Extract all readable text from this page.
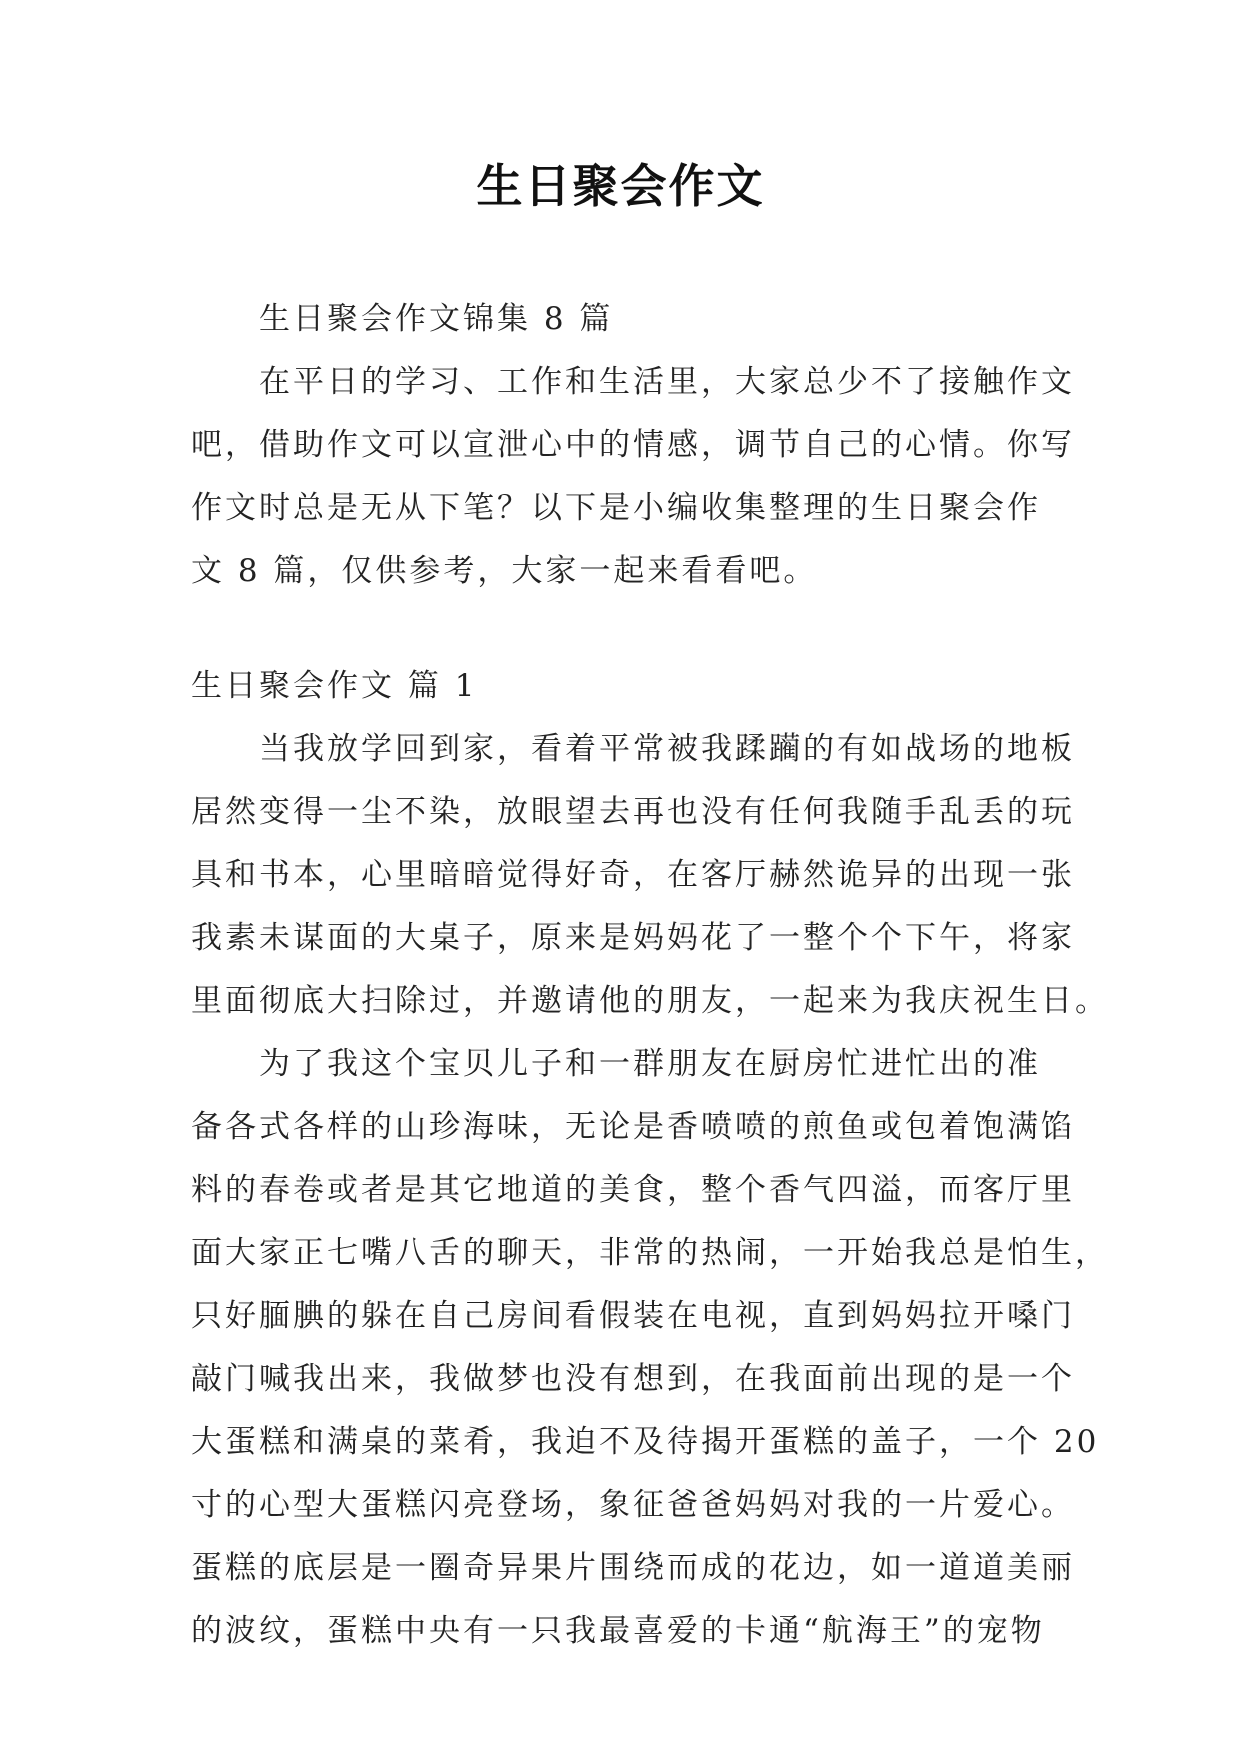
生日聚会作文
生日聚会作文锦集 8 篇
在平日的学习、工作和生活里，大家总少不了接触作文
吧，借助作文可以宣泄心中的情感，调节自己的心情。你写
作文时总是无从下笔？以下是小编收集整理的生日聚会作
文 8 篇，仅供参考，大家一起来看看吧。
生日聚会作文 篇 1
当我放学回到家，看着平常被我蹂躏的有如战场的地板
居然变得一尘不染，放眼望去再也没有任何我随手乱丢的玩
具和书本，心里暗暗觉得好奇，在客厅赫然诡异的出现一张
我素未谋面的大桌子，原来是妈妈花了一整个个下午，将家
里面彻底大扫除过，并邀请他的朋友，一起来为我庆祝生日。
为了我这个宝贝儿子和一群朋友在厨房忙进忙出的准
备各式各样的山珍海味，无论是香喷喷的煎鱼或包着饱满馅
料的春卷或者是其它地道的美食，整个香气四溢，而客厅里
面大家正七嘴八舌的聊天，非常的热闹，一开始我总是怕生，
只好腼腆的躲在自己房间看假装在电视，直到妈妈拉开嗓门
敲门喊我出来，我做梦也没有想到，在我面前出现的是一个
大蛋糕和满桌的菜肴，我迫不及待揭开蛋糕的盖子，一个 20
寸的心型大蛋糕闪亮登场，象征爸爸妈妈对我的一片爱心。
蛋糕的底层是一圈奇异果片围绕而成的花边，如一道道美丽
的波纹，蛋糕中央有一只我最喜爱的卡通“航海王”的宠物
